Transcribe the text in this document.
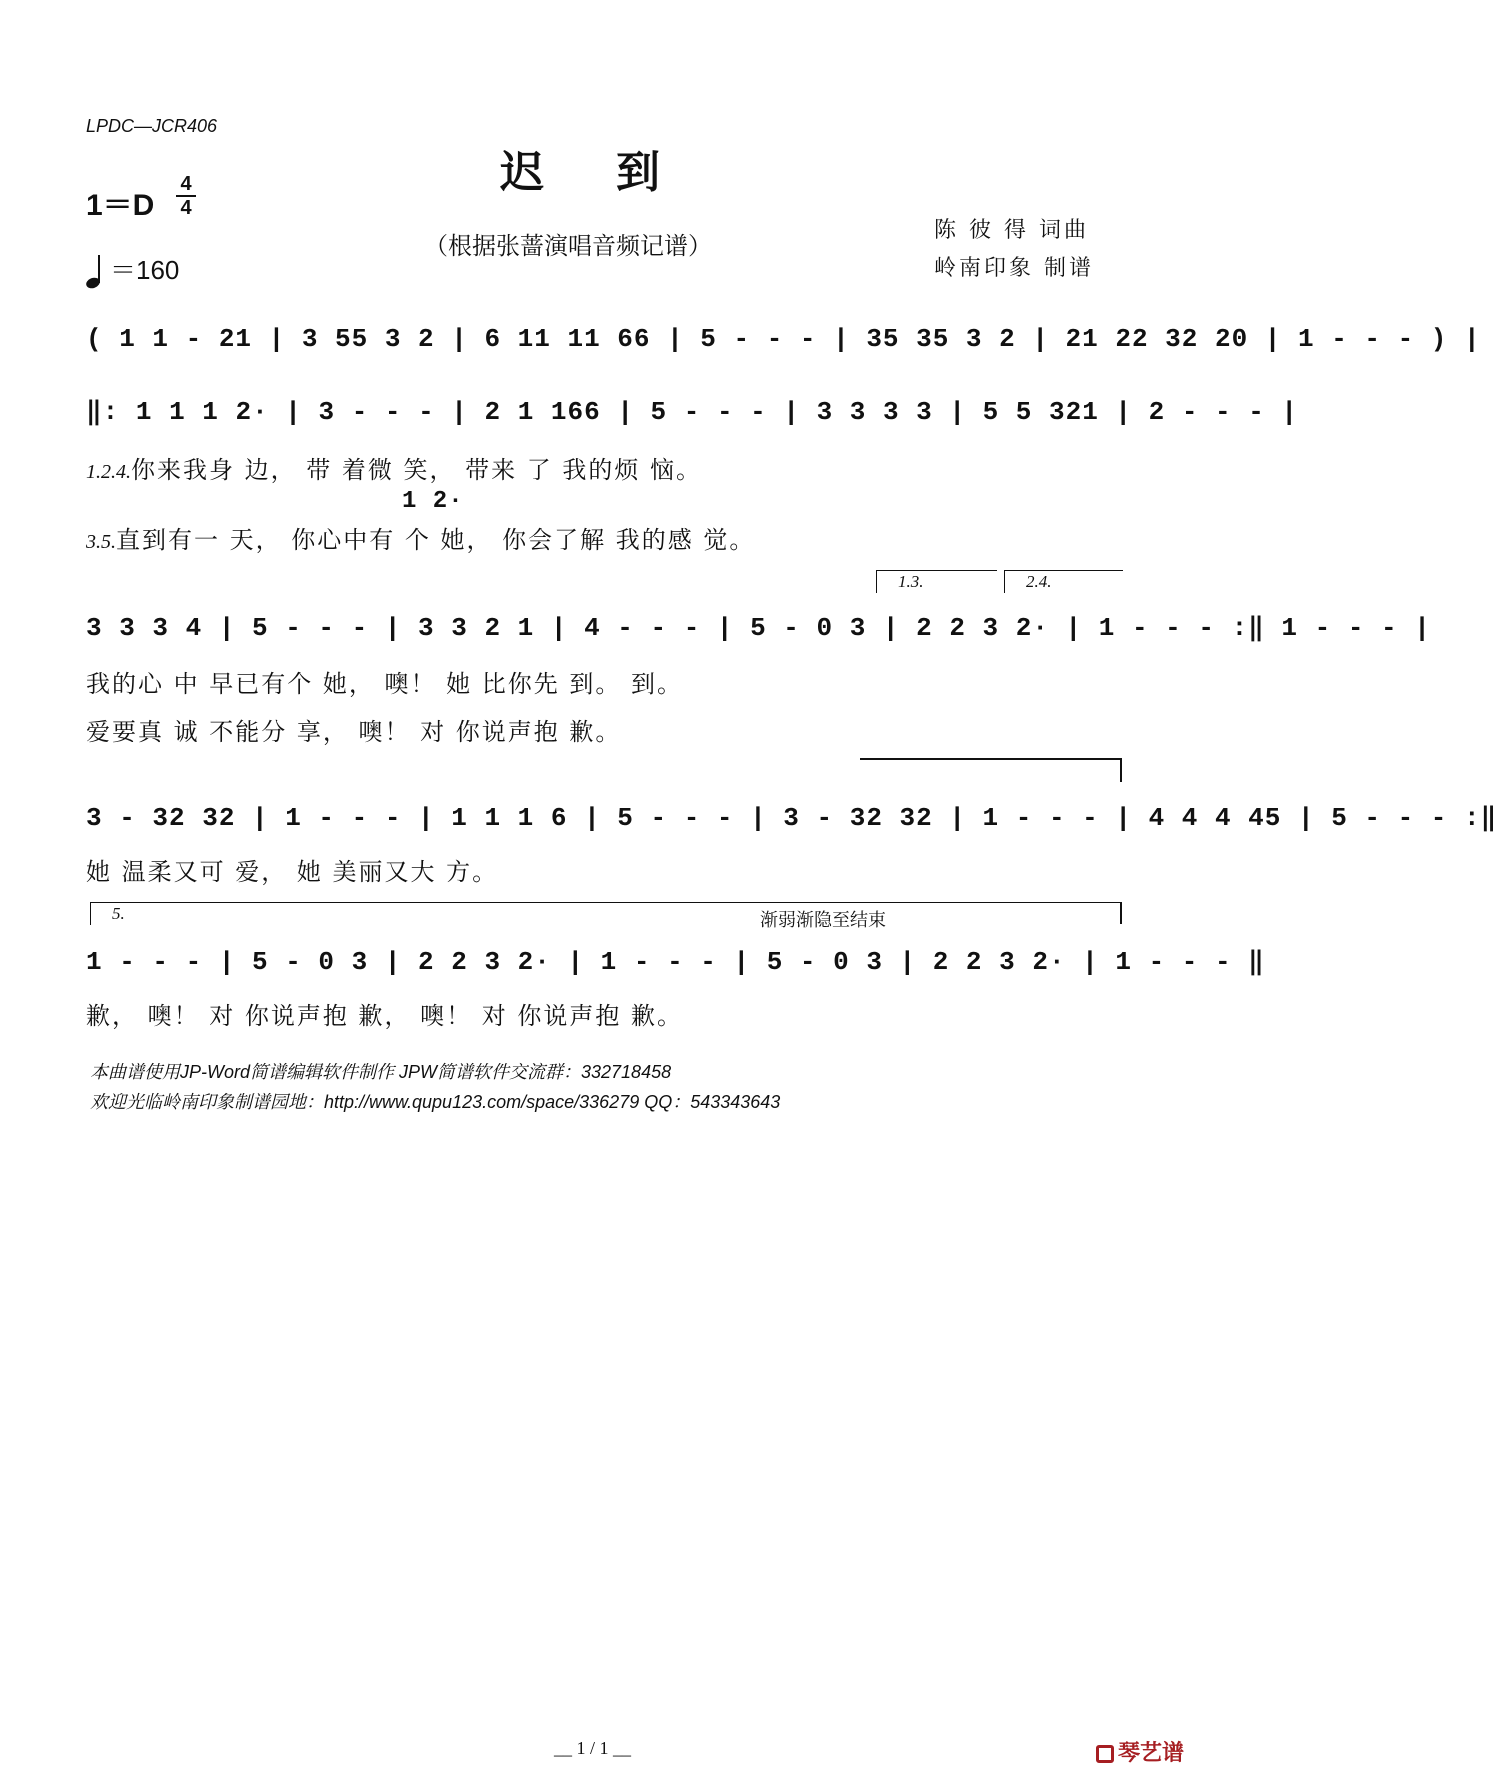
LPDC—JCR406
迟到
1＝D
4
4
＝160
（根据张蔷演唱音频记谱）
陈 彼 得 词曲
岭南印象 制谱
( 1 1 - 21 | 3 55 3 2 | 6 11 11 66 | 5 - - - | 35 35 3 2 | 21 22 32 20 | 1 - - - ) |
‖: 1 1 1 2· | 3 - - - | 2 1 166 | 5 - - - | 3 3 3 3 | 5 5 321 | 2 - - - |
1.2.4.你来我身 边， 带 着微 笑， 带来 了 我的烦 恼。
1 2·
3.5.直到有一 天， 你心中有 个 她， 你会了解 我的感 觉。
1.3.	2.4.
3 3 3 4 | 5 - - - | 3 3 2 1 | 4 - - - | 5 - 0 3 | 2 2 3 2· | 1 - - - :‖ 1 - - - |
我的心 中 早已有个 她， 噢！ 她 比你先 到。 到。
爱要真 诚 不能分 享， 噢！ 对 你说声抱 歉。
3 - 32 32 | 1 - - - | 1 1 1 6 | 5 - - - | 3 - 32 32 | 1 - - - | 4 4 4 45 | 5 - - - :‖
她 温柔又可 爱， 她 美丽又大 方。
5.	渐弱渐隐至结束
1 - - - | 5 - 0 3 | 2 2 3 2· | 1 - - - | 5 - 0 3 | 2 2 3 2· | 1 - - - ‖
歉， 噢！ 对 你说声抱 歉， 噢！ 对 你说声抱 歉。
本曲谱使用JP-Word简谱编辑软件制作 JPW简谱软件交流群：332718458
欢迎光临岭南印象制谱园地：http://www.qupu123.com/space/336279 QQ：543343643
__ 1 / 1 __	琴艺谱
